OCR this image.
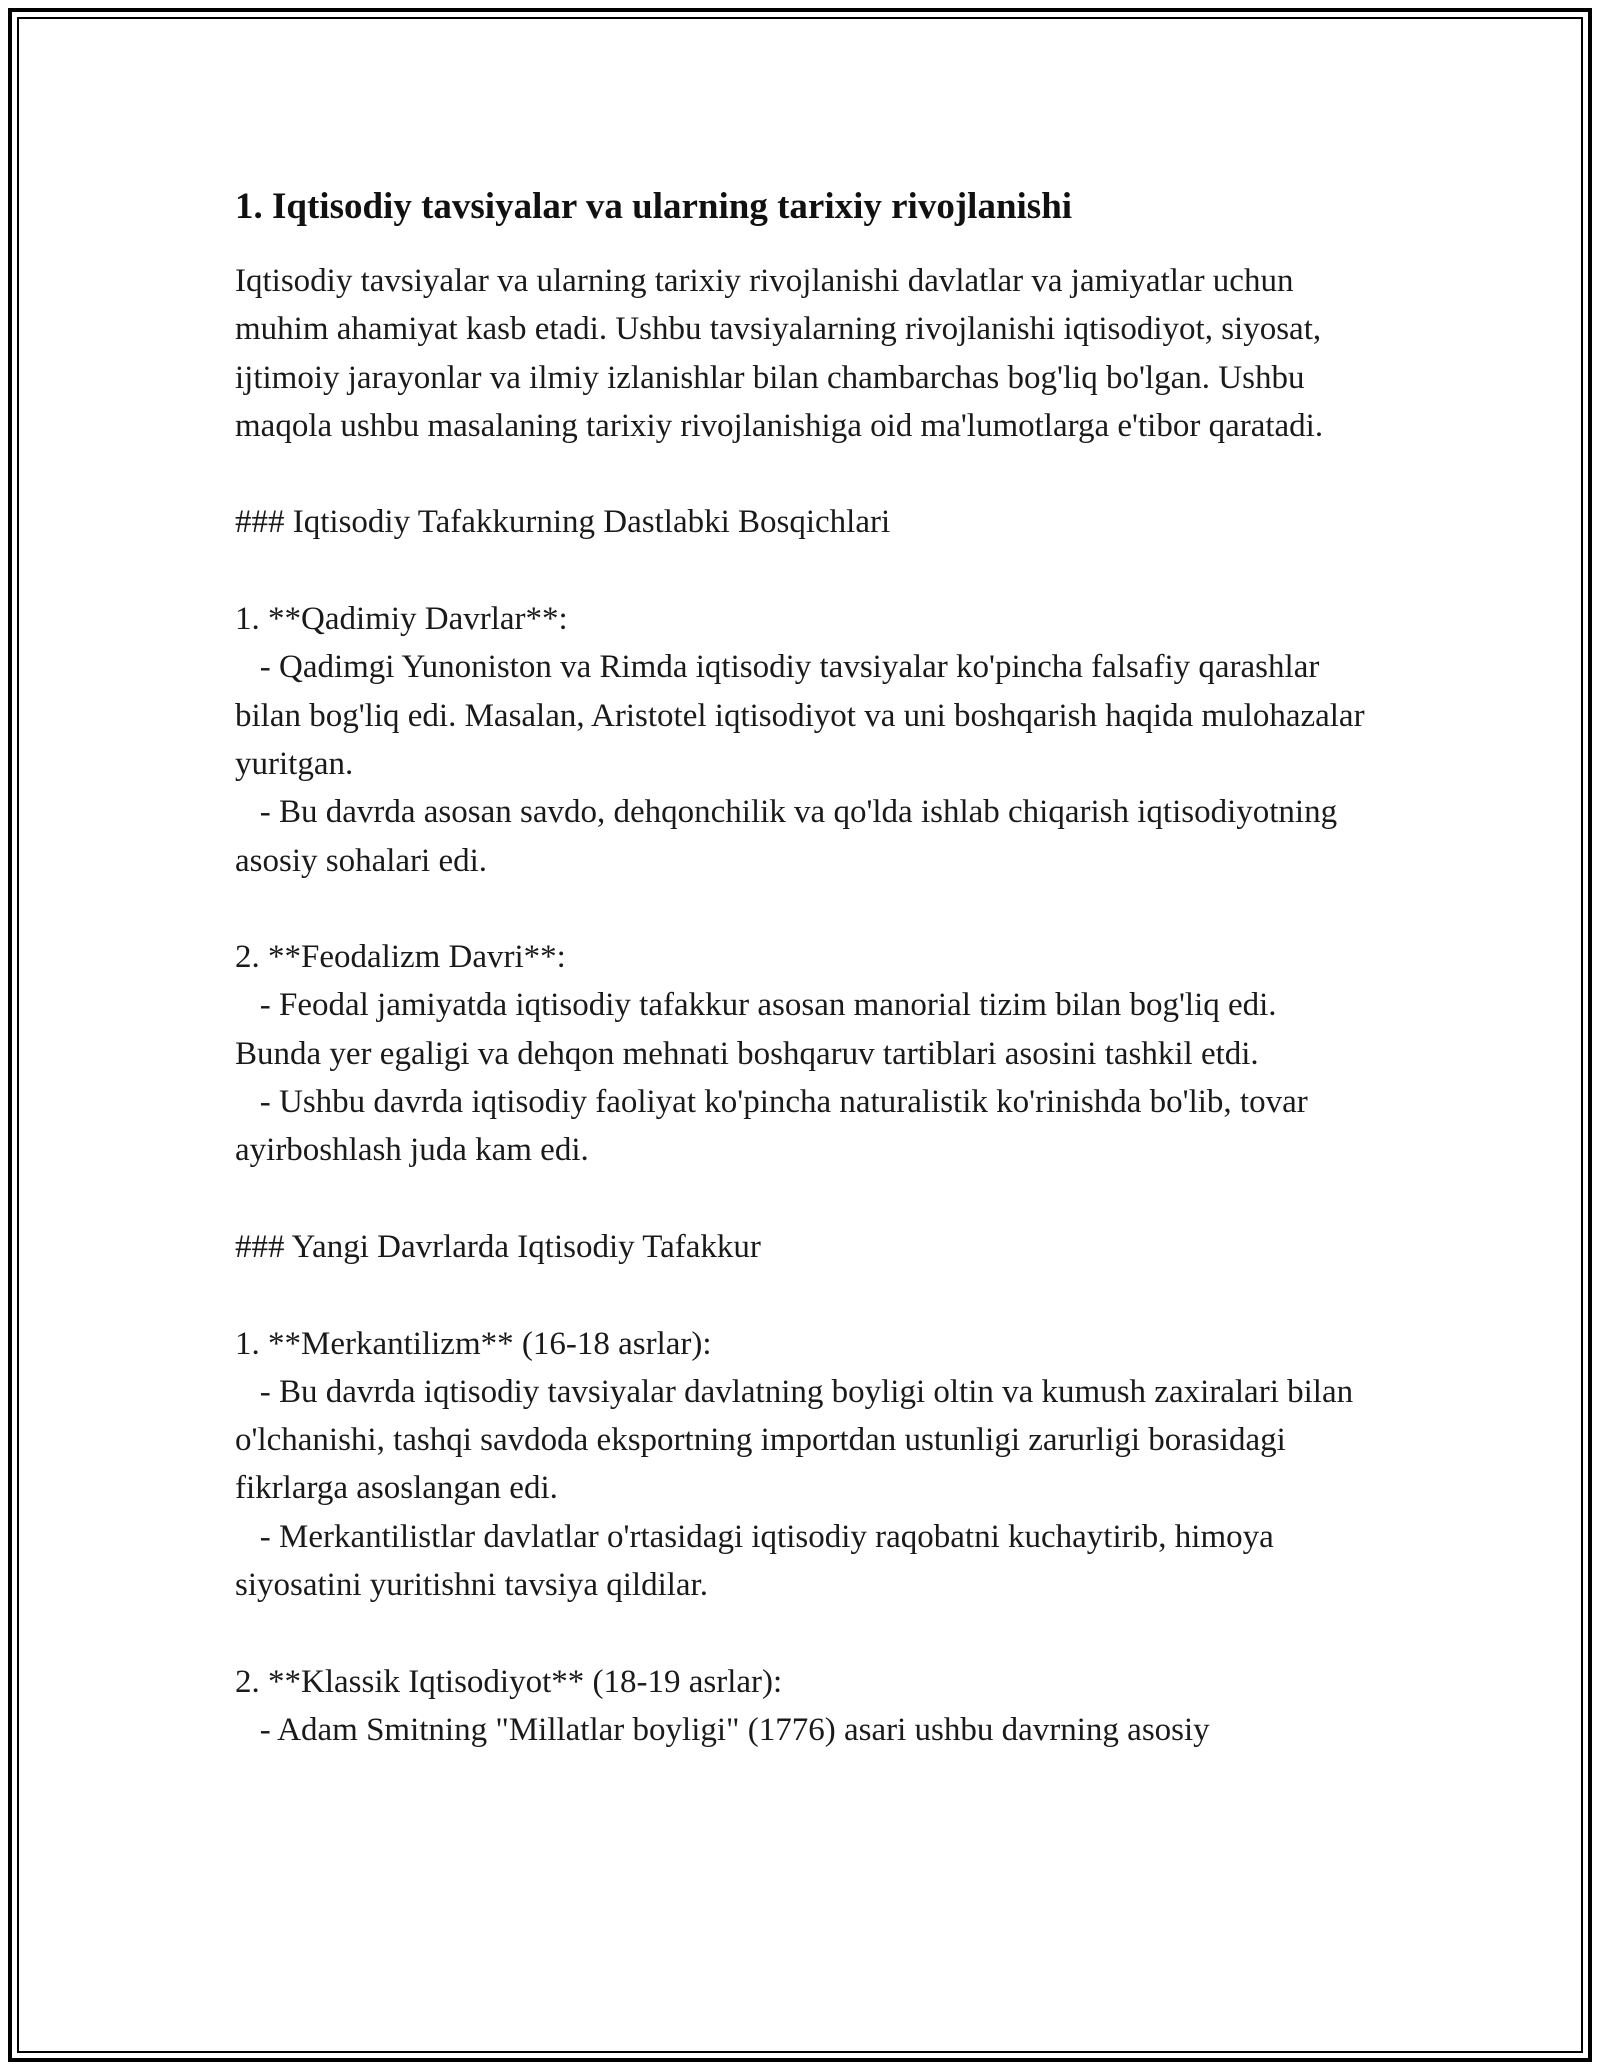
1. Iqtisodiy tavsiyalar va ularning tarixiy rivojlanishi

Iqtisodiy tavsiyalar va ularning tarixiy rivojlanishi davlatlar va jamiyatlar uchun muhim ahamiyat kasb etadi. Ushbu tavsiyalarning rivojlanishi iqtisodiyot, siyosat, ijtimoiy jarayonlar va ilmiy izlanishlar bilan chambarchas bog'liq bo'lgan. Ushbu maqola ushbu masalaning tarixiy rivojlanishiga oid ma'lumotlarga e'tibor qaratadi.

### Iqtisodiy Tafakkurning Dastlabki Bosqichlari

1. **Qadimiy Davrlar**:

- Qadimgi Yunoniston va Rimda iqtisodiy tavsiyalar ko'pincha falsafiy qarashlar bilan bog'liq edi. Masalan, Aristotel iqtisodiyot va uni boshqarish haqida mulohazalar yuritgan.

- Bu davrda asosan savdo, dehqonchilik va qo'lda ishlab chiqarish iqtisodiyotning asosiy sohalari edi.

2. **Feodalizm Davri**:

- Feodal jamiyatda iqtisodiy tafakkur asosan manorial tizim bilan bog'liq edi. Bunda yer egaligi va dehqon mehnati boshqaruv tartiblari asosini tashkil etdi.

- Ushbu davrda iqtisodiy faoliyat ko'pincha naturalistik ko'rinishda bo'lib, tovar ayirboshlash juda kam edi.

### Yangi Davrlarda Iqtisodiy Tafakkur

1. **Merkantilizm** (16-18 asrlar):

- Bu davrda iqtisodiy tavsiyalar davlatning boyligi oltin va kumush zaxiralari bilan o'lchanishi, tashqi savdoda eksportning importdan ustunligi zarurligi borasidagi fikrlarga asoslangan edi.

- Merkantilistlar davlatlar o'rtasidagi iqtisodiy raqobatni kuchaytirib, himoya siyosatini yuritishni tavsiya qildilar.

2. **Klassik Iqtisodiyot** (18-19 asrlar):

- Adam Smitning "Millatlar boyligi" (1776) asari ushbu davrning asosiy
